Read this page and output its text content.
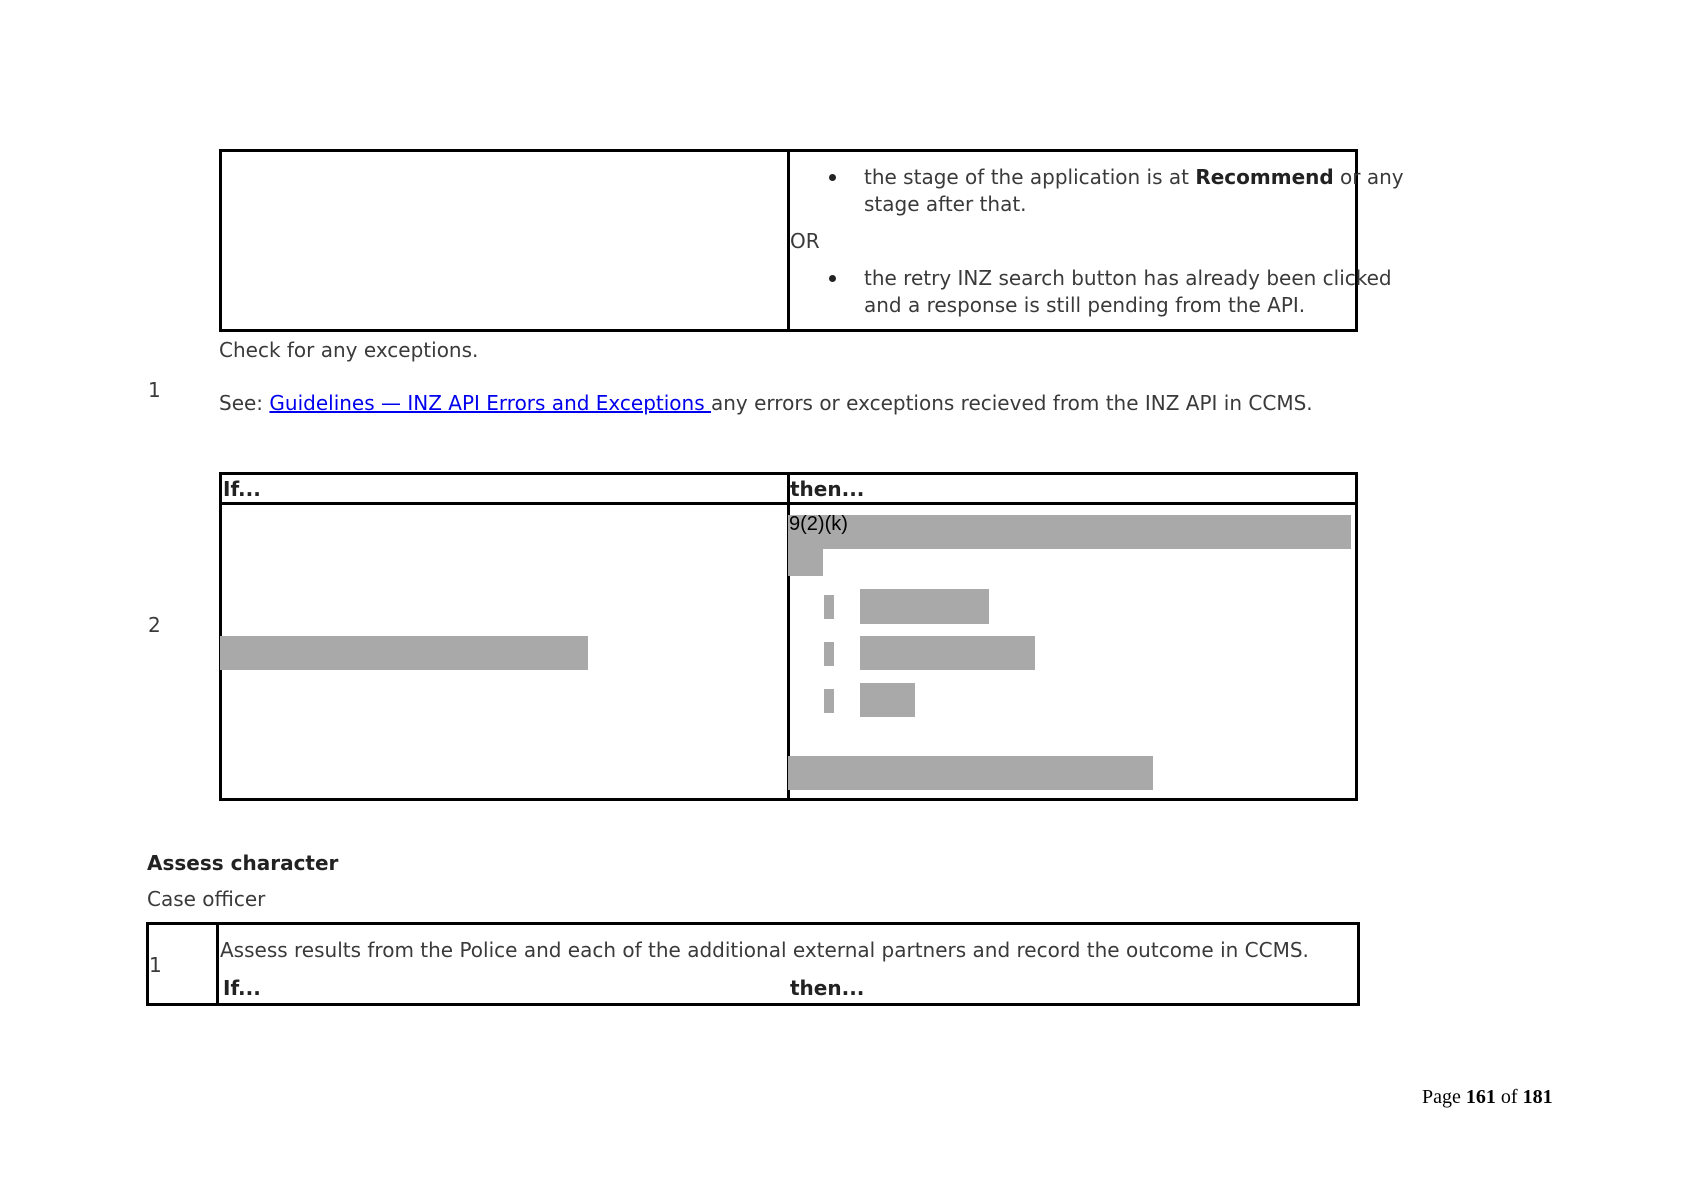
the stage of the application is at Recommend or any
stage after that.
OR
the retry INZ search button has already been clicked
and a response is still pending from the API.
1
Check for any exceptions.
See: Guidelines — INZ API Errors and Exceptions any errors or exceptions recieved from the INZ API in CCMS.
2
If...	then...
9(2)(k)
Assess character
Case officer
1
Assess results from the Police and each of the additional external partners and record the outcome in CCMS.
If...	then...
Page 161 of 181
